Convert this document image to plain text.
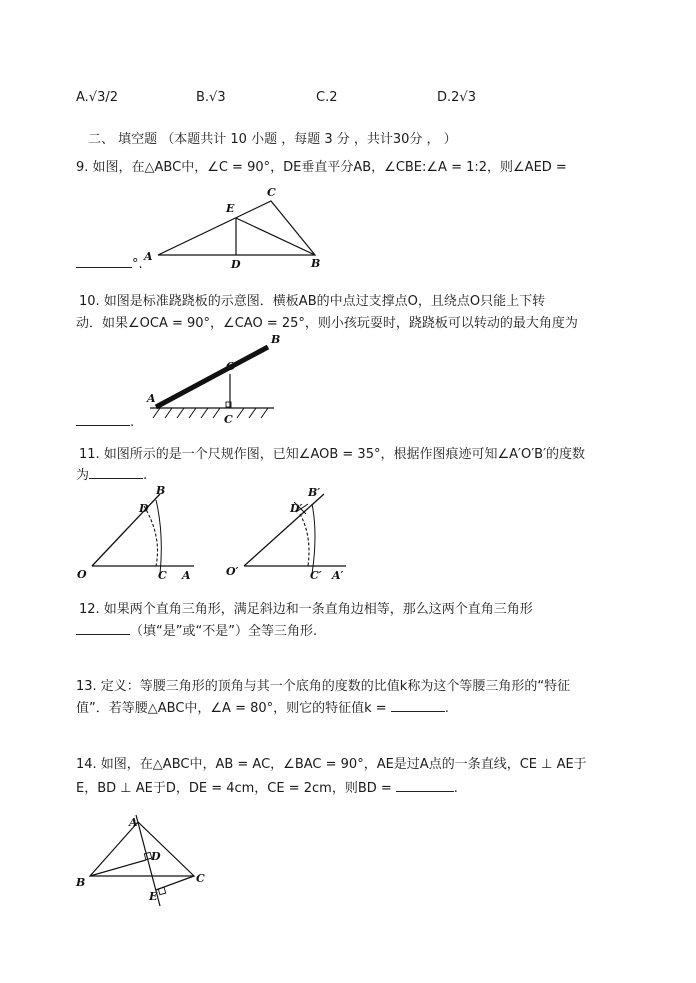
A.√3/2	B.√3	C.2	D.2√3
二、 填空题 （本题共计 10 小题 ，每题 3 分 ，共计30分 ， ）
9. 如图，在△ABC中，∠C = 90°，DE垂直平分AB，∠CBE:∠A = 1:2，则∠AED =
A
B
C
D
E
°.
10. 如图是标准跷跷板的示意图．横板AB的中点过支撑点O，且绕点O只能上下转
动．如果∠OCA = 90°，∠CAO = 25°，则小孩玩耍时，跷跷板可以转动的最大角度为
A
B
O
C
.
11. 如图所示的是一个尺规作图，已知∠AOB = 35°，根据作图痕迹可知∠A′O′B′的度数
为	.
O	C A
D
B
O′	C′ A′
D′
B′
12. 如果两个直角三角形，满足斜边和一条直角边相等，那么这两个直角三角形
（填“是”或“不是”）全等三角形.
13. 定义：等腰三角形的顶角与其一个底角的度数的比值k称为这个等腰三角形的“特征
值”．若等腰△ABC中，∠A = 80°，则它的特征值k =	.
14. 如图，在△ABC中，AB = AC，∠BAC = 90°，AE是过A点的一条直线，CE ⊥ AE于
E，BD ⊥ AE于D，DE = 4cm，CE = 2cm，则BD =	.
A
B	C
D
E
